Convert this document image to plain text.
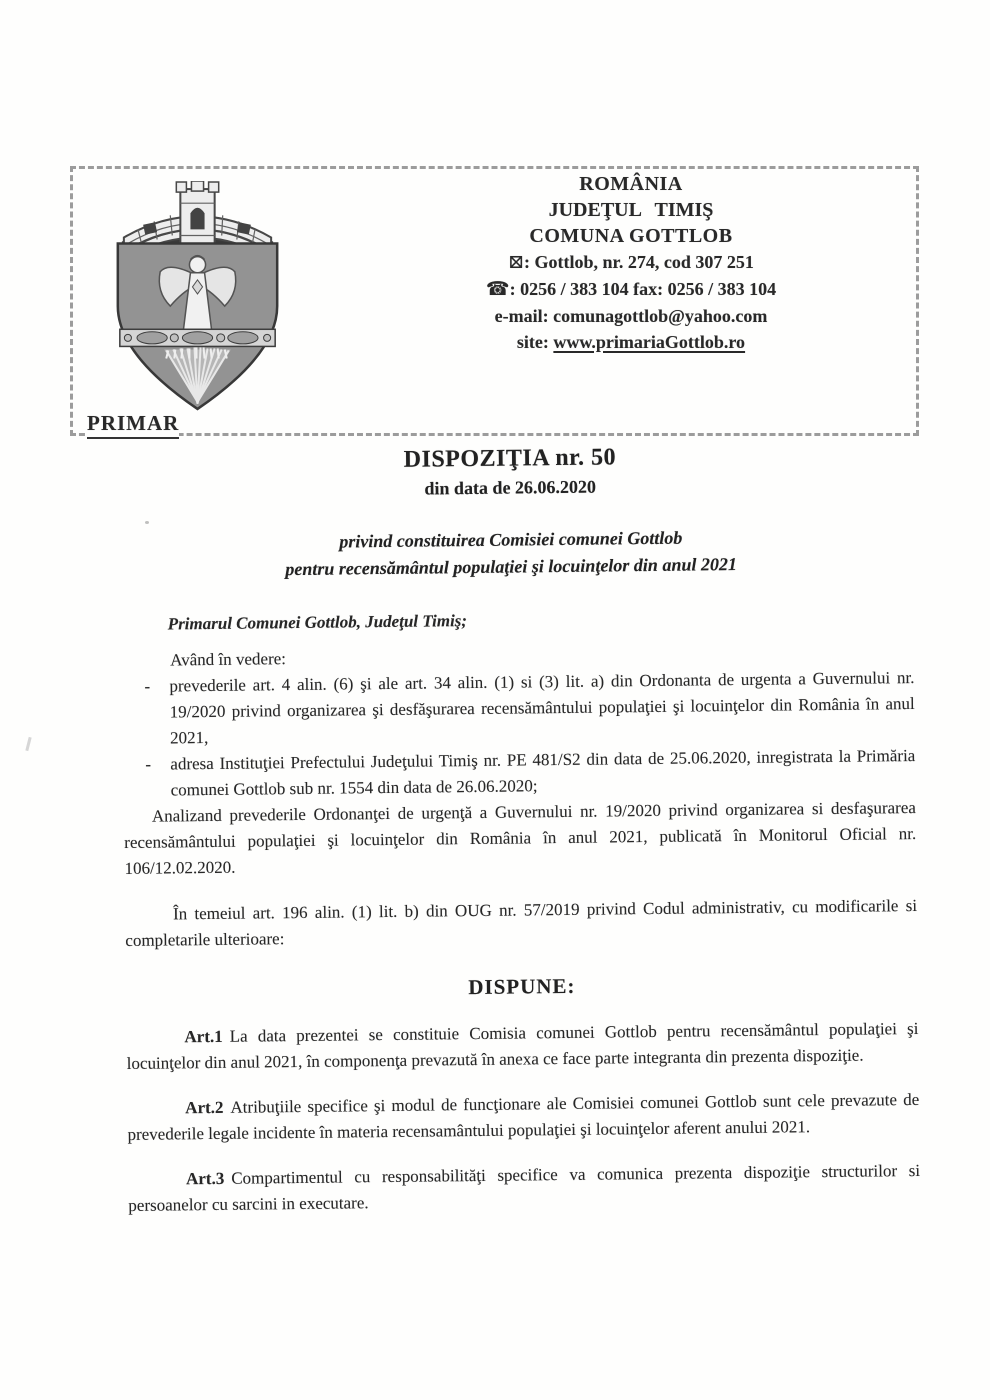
ROMÂNIA
JUDEŢUL TIMIŞ
COMUNA GOTTLOB
⊠: Gottlob, nr. 274, cod 307 251
☎: 0256 / 383 104 fax: 0256 / 383 104
e-mail: comunagottlob@yahoo.com
site: www.primariaGottlob.ro
PRIMAR
DISPOZIŢIA nr. 50
din data de 26.06.2020
privind constituirea Comisiei comunei Gottlob
pentru recensământul populaţiei şi locuinţelor din anul 2021

Primarul Comunei Gottlob, Judeţul Timiş;

Având în vedere:

- prevederile art. 4 alin. (6) şi ale art. 34 alin. (1) si (3) lit. a) din Ordonanta de urgenta a Guvernului nr. 19/2020 privind organizarea şi desfăşurarea recensământului populaţiei şi locuinţelor din România în anul 2021,
- adresa Instituţiei Prefectului Judeţului Timiş nr. PE 481/S2 din data de 25.06.2020, inregistrata la Primăria comunei Gottlob sub nr. 1554 din data de 26.06.2020;

Analizand prevederile Ordonanţei de urgenţă a Guvernului nr. 19/2020 privind organizarea si desfaşurarea recensământului populaţiei şi locuinţelor din România în anul 2021, publicată în Monitorul Oficial nr. 106/12.02.2020.

În temeiul art. 196 alin. (1) lit. b) din OUG nr. 57/2019 privind Codul administrativ, cu modificarile si completarile ulterioare:

DISPUNE:

Art.1 La data prezentei se constituie Comisia comunei Gottlob pentru recensământul populaţiei şi locuinţelor din anul 2021, în componenţa prevazută în anexa ce face parte integranta din prezenta dispoziţie.

Art.2 Atribuţiile specifice şi modul de funcţionare ale Comisiei comunei Gottlob sunt cele prevazute de prevederile legale incidente în materia recensamântului populaţiei şi locuinţelor aferent anului 2021.

Art.3 Compartimentul cu responsabilităţi specifice va comunica prezenta dispoziţie structurilor si persoanelor cu sarcini in executare.
